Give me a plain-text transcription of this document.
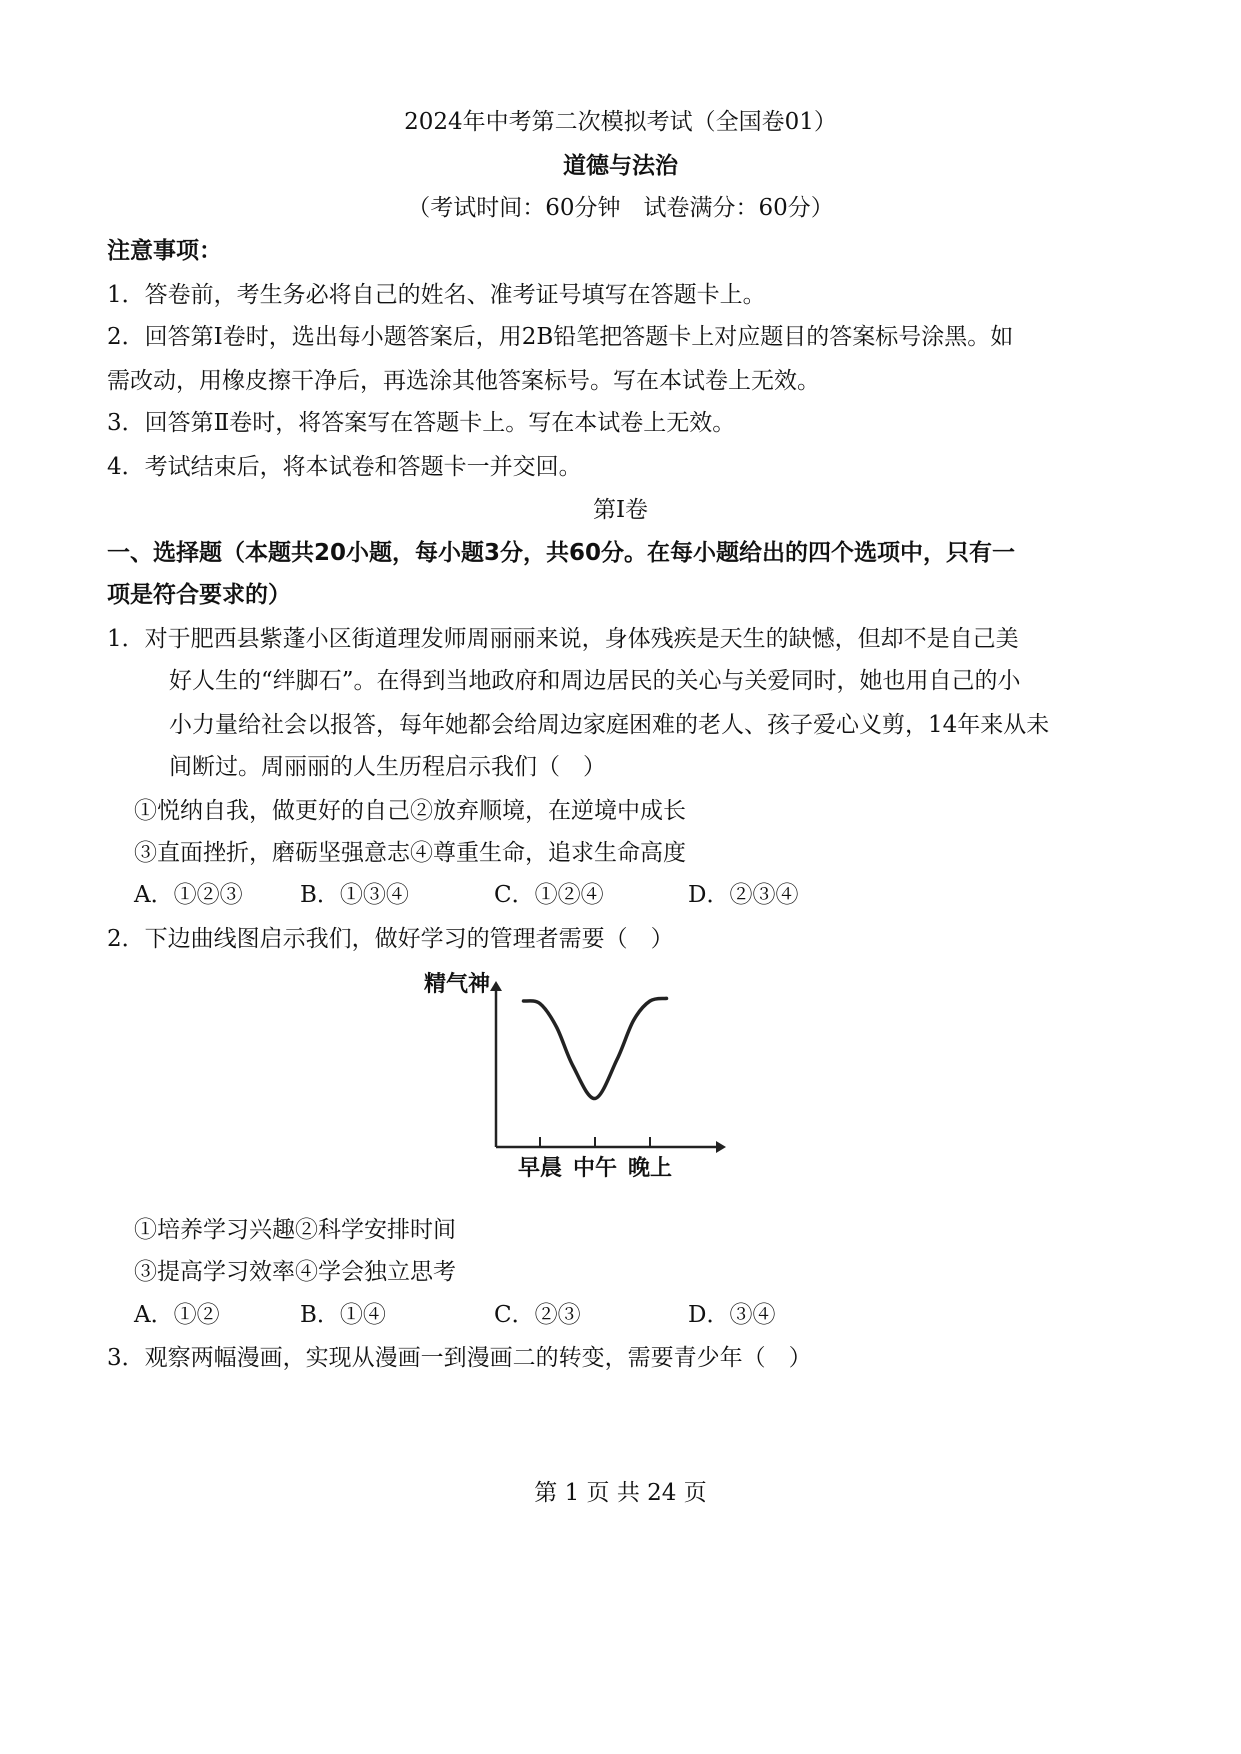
2024年中考第二次模拟考试（全国卷01）
道德与法治
（考试时间：60分钟　试卷满分：60分）
注意事项：
1．答卷前，考生务必将自己的姓名、准考证号填写在答题卡上。
2．回答第Ⅰ卷时，选出每小题答案后，用2B铅笔把答题卡上对应题目的答案标号涂黑。如
需改动，用橡皮擦干净后，再选涂其他答案标号。写在本试卷上无效。
3．回答第Ⅱ卷时，将答案写在答题卡上。写在本试卷上无效。
4．考试结束后，将本试卷和答题卡一并交回。
第Ⅰ卷
一、选择题（本题共20小题，每小题3分，共60分。在每小题给出的四个选项中，只有一
项是符合要求的）
1．对于肥西县紫蓬小区街道理发师周丽丽来说，身体残疾是天生的缺憾，但却不是自己美
好人生的“绊脚石”。在得到当地政府和周边居民的关心与关爱同时，她也用自己的小
小力量给社会以报答，每年她都会给周边家庭困难的老人、孩子爱心义剪，14年来从未
间断过。周丽丽的人生历程启示我们（　）
①悦纳自我，做更好的自己②放弃顺境，在逆境中成长
③直面挫折，磨砺坚强意志④尊重生命，追求生命高度
A．①②③ B．①③④	C．①②④	D．②③④
2．下边曲线图启示我们，做好学习的管理者需要（　）
精气神
早晨 中午 晚上
①培养学习兴趣②科学安排时间
③提高学习效率④学会独立思考
A．①②	B．①④	C．②③	D．③④
3．观察两幅漫画，实现从漫画一到漫画二的转变，需要青少年（　）
第 1 页 共 24 页
